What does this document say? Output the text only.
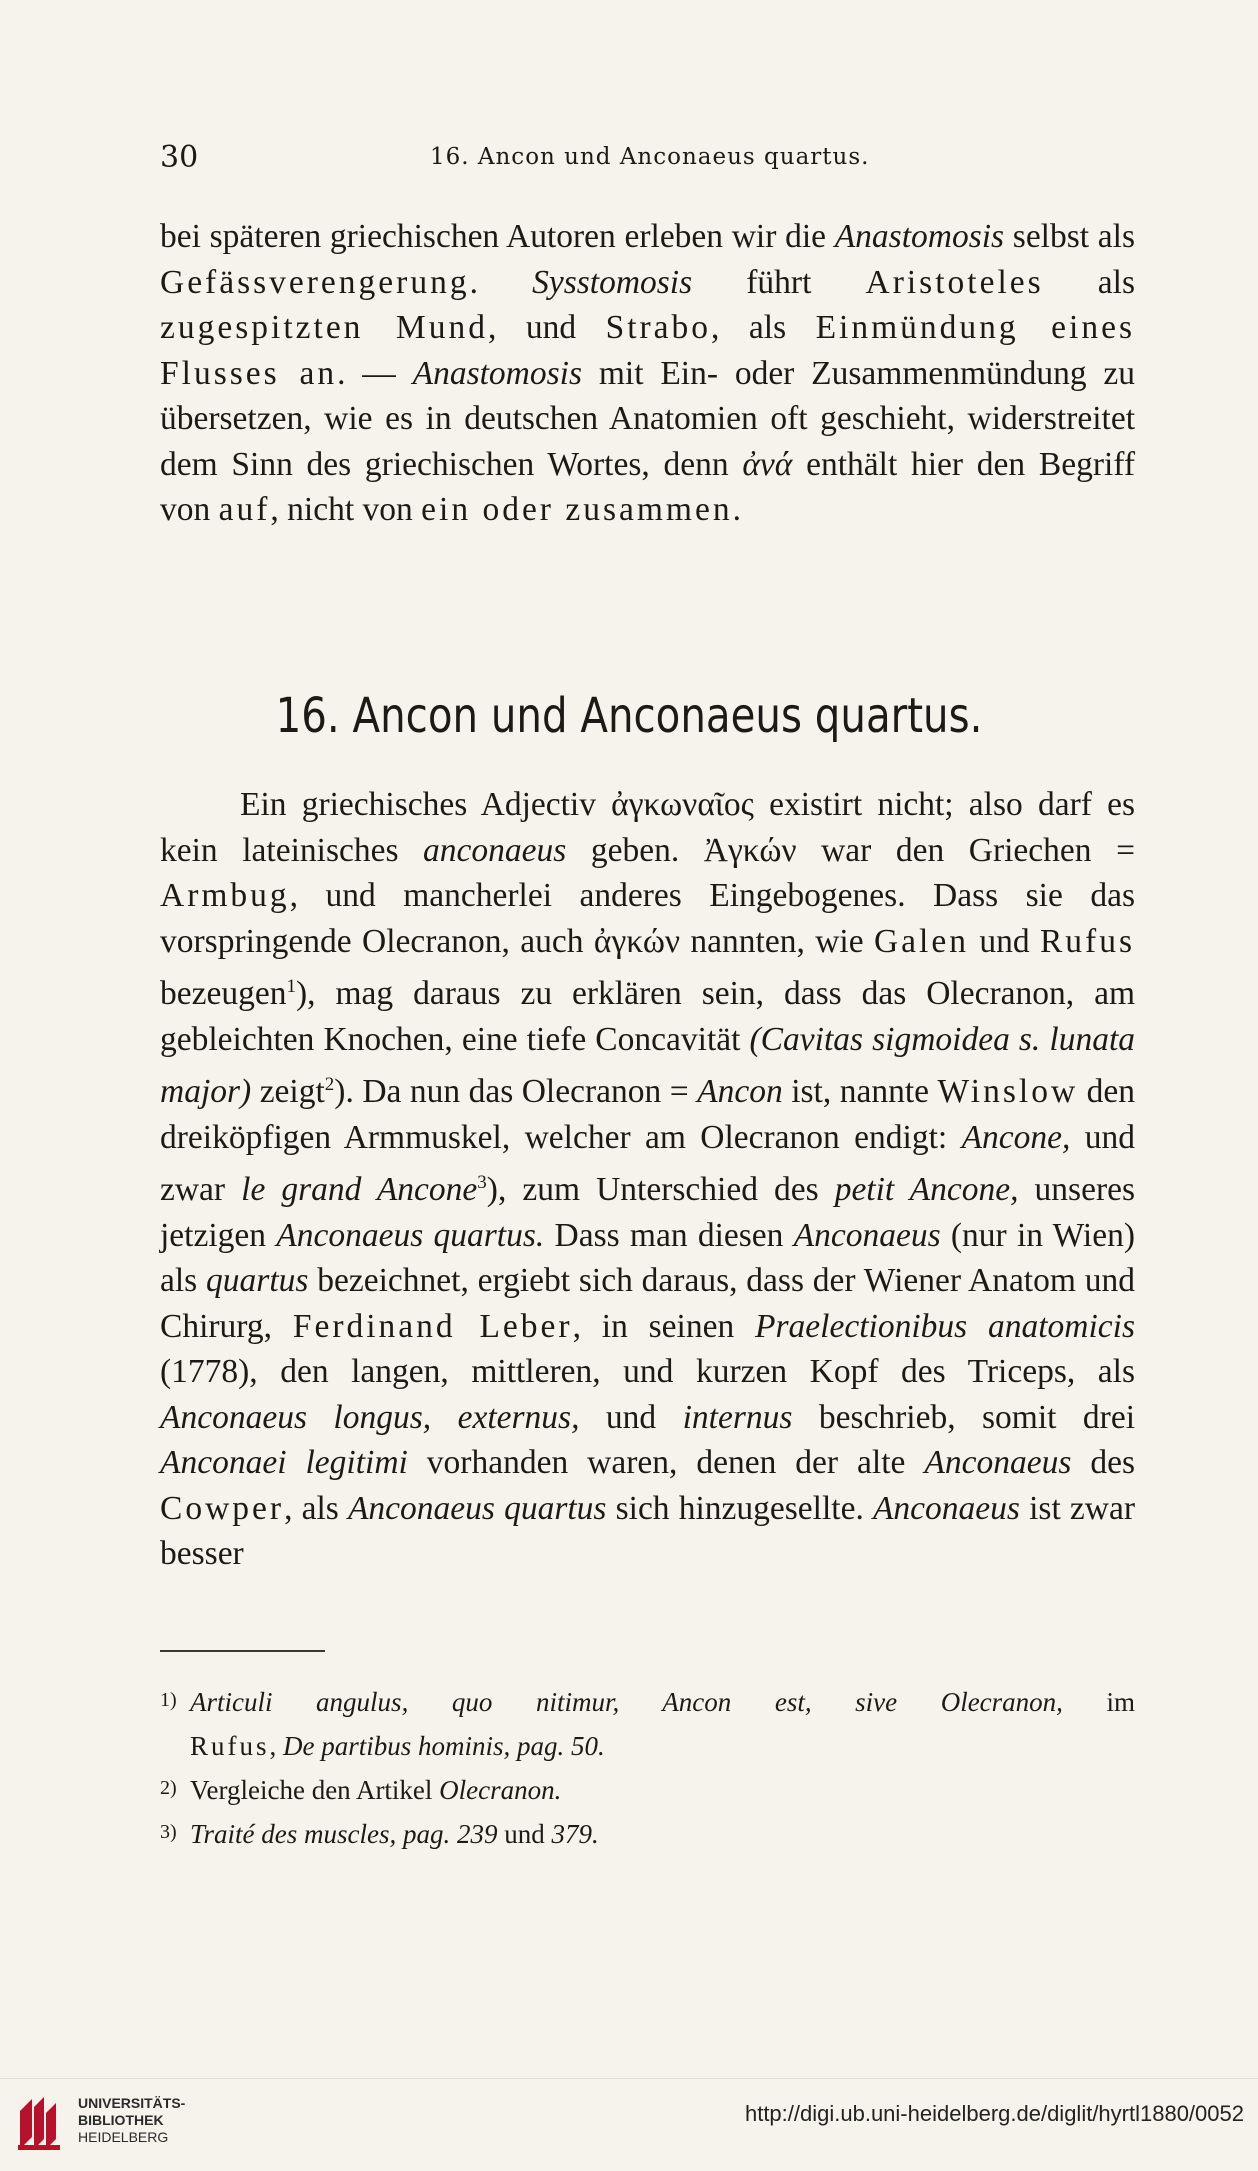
30	16. Ancon und Anconaeus quartus.

bei späteren griechischen Autoren erleben wir die Anastomosis selbst als Gefässverengerung. Sysstomosis führt Aristoteles als zugespitzten Mund, und Strabo, als Einmündung eines Flusses an. — Anastomosis mit Ein- oder Zusammenmündung zu übersetzen, wie es in deutschen Anatomien oft geschieht, widerstreitet dem Sinn des griechischen Wortes, denn ἀνά enthält hier den Begriff von auf, nicht von ein oder zusammen.

16. Ancon und Anconaeus quartus.

Ein griechisches Adjectiv ἀγκωναῖος existirt nicht; also darf es kein lateinisches anconaeus geben. Ἀγκών war den Griechen = Armbug, und mancherlei anderes Eingebogenes. Dass sie das vorspringende Olecranon, auch ἀγκών nannten, wie Galen und Rufus bezeugen$^1$), mag daraus zu erklären sein, dass das Olecranon, am gebleichten Knochen, eine tiefe Concavität (Cavitas sigmoidea s. lunata major) zeigt$^2$). Da nun das Olecranon = Ancon ist, nannte Winslow den dreiköpfigen Armmuskel, welcher am Olecranon endigt: Ancone, und zwar le grand Ancone$^3$), zum Unterschied des petit Ancone, unseres jetzigen Anconaeus quartus. Dass man diesen Anconaeus (nur in Wien) als quartus bezeichnet, ergiebt sich daraus, dass der Wiener Anatom und Chirurg, Ferdinand Leber, in seinen Praelectionibus anatomicis (1778), den langen, mittleren, und kurzen Kopf des Triceps, als Anconaeus longus, externus, und internus beschrieb, somit drei Anconaei legitimi vorhanden waren, denen der alte Anconaeus des Cowper, als Anconaeus quartus sich hinzugesellte. Anconaeus ist zwar besser

1) Articuli angulus, quo nitimur, Ancon est, sive Olecranon, im
Rufus, De partibus hominis, pag. 50.
2) Vergleiche den Artikel Olecranon.
3) Traité des muscles, pag. 239 und 379.
UNIVERSITÄTS-
BIBLIOTHEK
HEIDELBERG
http://digi.ub.uni-heidelberg.de/diglit/hyrtl1880/0052
